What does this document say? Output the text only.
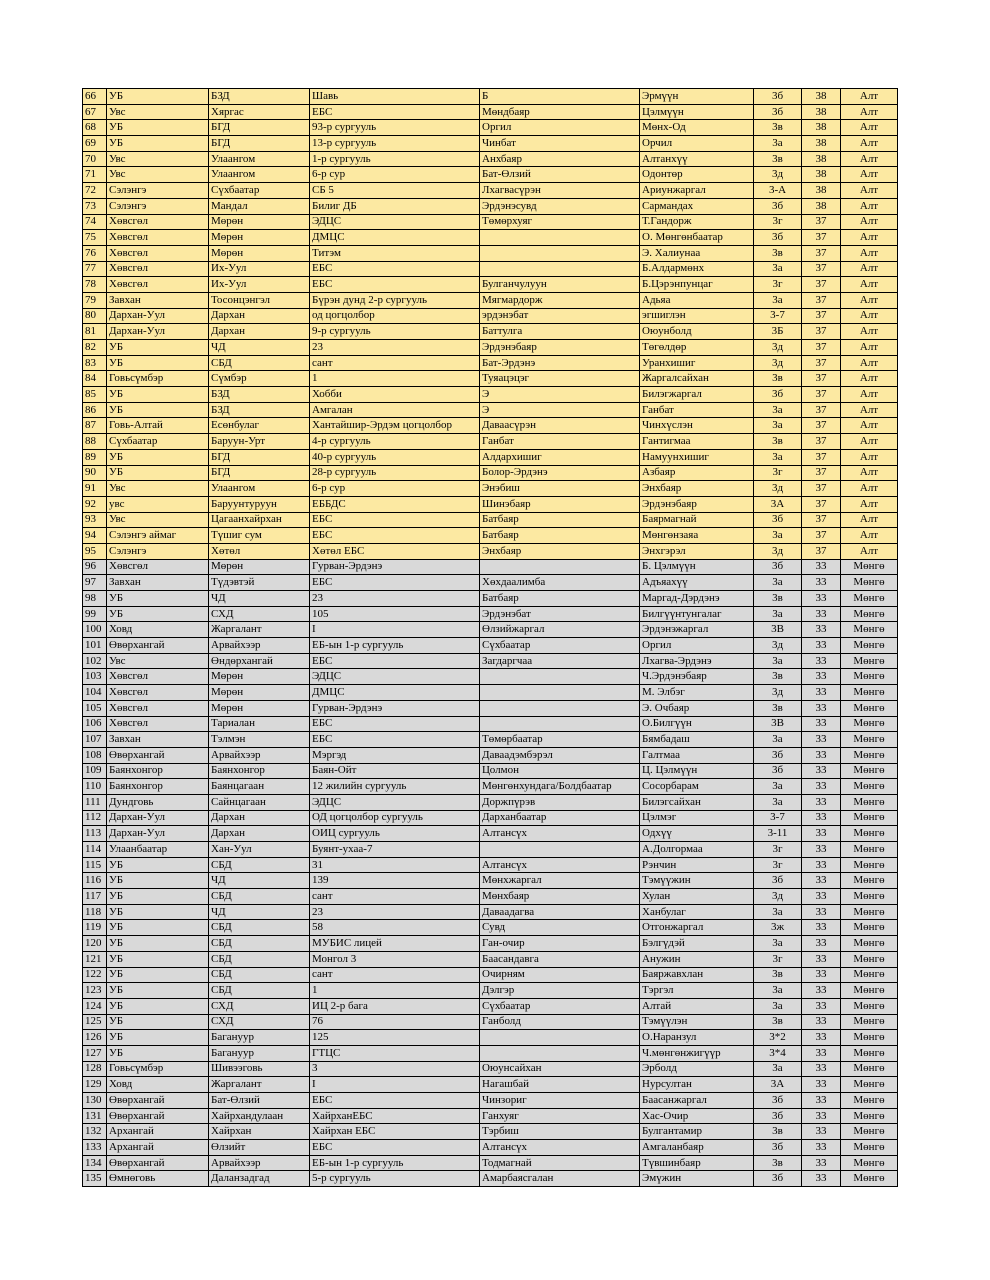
66	УБ	БЗД	Шавь	Б	Эрмүүн	3б	38	Алт
67	Увс	Хяргас	ЕБС	Мөндбаяр	Цэлмүүн	3б	38	Алт
68	УБ	БГД	93-р сургууль	Оргил	Мөнх-Од	3в	38	Алт
69	УБ	БГД	13-р сургууль	Чинбат	Орчил	3а	38	Алт
70	Увс	Улаангом	1-р сургууль	Анхбаяр	Алтанхүү	3в	38	Алт
71	Увс	Улаангом	6-р сур	Бат-Өлзий	Одонтөр	3д	38	Алт
72	Сэлэнгэ	Сүхбаатар	СБ 5	Лхагвасүрэн	Ариунжаргал	3-А	38	Алт
73	Сэлэнгэ	Мандал	Билиг ДБ	Эрдэнэсувд	Сармандах	3б	38	Алт
74	Хөвсгөл	Мөрөн	ЭДЦС	Төмөрхуяг	Т.Гандорж	3г	37	Алт
75	Хөвсгөл	Мөрөн	ДМЦС		О. Мөнгөнбаатар	3б	37	Алт
76	Хөвсгөл	Мөрөн	Титэм		Э. Халиунаа	3в	37	Алт
77	Хөвсгөл	Их-Уул	ЕБС		Б.Алдармөнх	3а	37	Алт
78	Хөвсгөл	Их-Уул	ЕБС	Булганчулуун	Б.Цэрэнпунцаг	3г	37	Алт
79	Завхан	Тосонцэнгэл	Бүрэн дунд 2-р сургууль	Мягмардорж	Адьяа	3а	37	Алт
80	Дархан-Уул	Дархан	од цогцолбор	эрдэнэбат	эгшиглэн	3-7	37	Алт
81	Дархан-Уул	Дархан	9-р сургууль	Баттулга	Оюунболд	3Б	37	Алт
82	УБ	ЧД	23	Эрдэнэбаяр	Төгөлдөр	3д	37	Алт
83	УБ	СБД	сант	Бат-Эрдэнэ	Уранхишиг	3д	37	Алт
84	Говьсүмбэр	Сүмбэр	1	Туяацэцэг	Жаргалсайхан	3в	37	Алт
85	УБ	БЗД	Хобби	Э	Билэгжаргал	3б	37	Алт
86	УБ	БЗД	Амгалан	Э	Ганбат	3а	37	Алт
87	Говь-Алтай	Есөнбулаг	Хантайшир-Эрдэм цогцолбор	Даваасүрэн	Чинхүслэн	3а	37	Алт
88	Сүхбаатар	Баруун-Урт	4-р сургууль	Ганбат	Гантигмаа	3в	37	Алт
89	УБ	БГД	40-р сургууль	Алдархишиг	Намуунхишиг	3а	37	Алт
90	УБ	БГД	28-р сургууль	Болор-Эрдэнэ	Азбаяр	3г	37	Алт
91	Увс	Улаангом	6-р сур	Энэбиш	Энхбаяр	3д	37	Алт
92	увс	Баруунтуруун	ЕББДС	Шинэбаяр	Эрдэнэбаяр	3А	37	Алт
93	Увс	Цагаанхайрхан	ЕБС	Батбаяр	Баярмагнай	3б	37	Алт
94	Сэлэнгэ аймаг	Түшиг сум	ЕБС	Батбаяр	Мөнгөнзаяа	3а	37	Алт
95	Сэлэнгэ	Хөтөл	Хөтөл ЕБС	Энхбаяр	Энхгэрэл	3д	37	Алт
96	Хөвсгөл	Мөрөн	Гурван-Эрдэнэ		Б. Цэлмүүн	3б	33	Мөнгө
97	Завхан	Түдэвтэй	ЕБС	Хөхдаалимба	Адъяахүү	3а	33	Мөнгө
98	УБ	ЧД	23	Батбаяр	Маргад-Дэрдэнэ	3в	33	Мөнгө
99	УБ	СХД	105	Эрдэнэбат	Билгүүнтунгалаг	3а	33	Мөнгө
100	Ховд	Жаргалант	I	Өлзийжаргал	Эрдэнэжаргал	3В	33	Мөнгө
101	Өвөрхангай	Арвайхээр	ЕБ-ын 1-р сургууль	Сүхбаатар	Оргил	3д	33	Мөнгө
102	Увс	Өндөрхангай	ЕБС	Загдаргчаа	Лхагва-Эрдэнэ	3а	33	Мөнгө
103	Хөвсгөл	Мөрөн	ЭДЦС		Ч.Эрдэнэбаяр	3в	33	Мөнгө
104	Хөвсгөл	Мөрөн	ДМЦС		М. Элбэг	3д	33	Мөнгө
105	Хөвсгөл	Мөрөн	Гурван-Эрдэнэ		Э. Очбаяр	3в	33	Мөнгө
106	Хөвсгөл	Тариалан	ЕБС		О.Билгүүн	3В	33	Мөнгө
107	Завхан	Тэлмэн	ЕБС	Төмөрбаатар	Бямбадаш	3а	33	Мөнгө
108	Өвөрхангай	Арвайхээр	Мэргэд	Даваадэмбэрэл	Галтмаа	3б	33	Мөнгө
109	Баянхонгор	Баянхонгор	Баян-Ойт	Цолмон	Ц. Цэлмүүн	3б	33	Мөнгө
110	Баянхонгор	Баянцагаан	12 жилийн сургууль	Мөнгөнхундага/Болдбаатар	Сосорбарам	3а	33	Мөнгө
111	Дундговь	Сайнцагаан	ЭДЦС	Доржпүрэв	Билэгсайхан	3а	33	Мөнгө
112	Дархан-Уул	Дархан	ОД цогцолбор сургууль	Дарханбаатар	Цэлмэг	3-7	33	Мөнгө
113	Дархан-Уул	Дархан	ОИЦ сургууль	Алтансүх	Одхүү	3-11	33	Мөнгө
114	Улаанбаатар	Хан-Уул	Буянт-ухаа-7		А.Долгормаа	3г	33	Мөнгө
115	УБ	СБД	31	Алтансүх	Рэнчин	3г	33	Мөнгө
116	УБ	ЧД	139	Мөнхжаргал	Тэмүүжин	3б	33	Мөнгө
117	УБ	СБД	сант	Мөнхбаяр	Хулан	3д	33	Мөнгө
118	УБ	ЧД	23	Даваадагва	Ханбулаг	3а	33	Мөнгө
119	УБ	СБД	58	Сувд	Отгонжаргал	3ж	33	Мөнгө
120	УБ	СБД	МУБИС лицей	Ган-очир	Бэлгүдэй	3а	33	Мөнгө
121	УБ	СБД	Монгол 3	Баасандавга	Анужин	3г	33	Мөнгө
122	УБ	СБД	сант	Очирням	Баяржавхлан	3в	33	Мөнгө
123	УБ	СБД	1	Дэлгэр	Тэргэл	3а	33	Мөнгө
124	УБ	СХД	ИЦ 2-р бага	Сүхбаатар	Алтай	3а	33	Мөнгө
125	УБ	СХД	76	Ганболд	Тэмүүлэн	3в	33	Мөнгө
126	УБ	Багануур	125		О.Наранзул	3*2	33	Мөнгө
127	УБ	Багануур	ГТЦС		Ч.мөнгөнжигүүр	3*4	33	Мөнгө
128	Говьсүмбэр	Шивээговь	3	Оюунсайхан	Эрболд	3а	33	Мөнгө
129	Ховд	Жаргалант	I	Нагашбай	Нурсултан	3А	33	Мөнгө
130	Өвөрхангай	Бат-Өлзий	ЕБС	Чинзориг	Баасанжаргал	3б	33	Мөнгө
131	Өвөрхангай	Хайрхандулаан	ХайрханЕБС	Ганхуяг	Хас-Очир	3б	33	Мөнгө
132	Архангай	Хайрхан	Хайрхан ЕБС	Тэрбиш	Булгантамир	3в	33	Мөнгө
133	Архангай	Өлзийт	ЕБС	Алтансүх	Амгаланбаяр	3б	33	Мөнгө
134	Өвөрхангай	Арвайхээр	ЕБ-ын 1-р сургууль	Тодмагнай	Түвшинбаяр	3в	33	Мөнгө
135	Өмнөговь	Даланзадгад	5-р сургууль	Амарбаясгалан	Эмүжин	3б	33	Мөнгө
